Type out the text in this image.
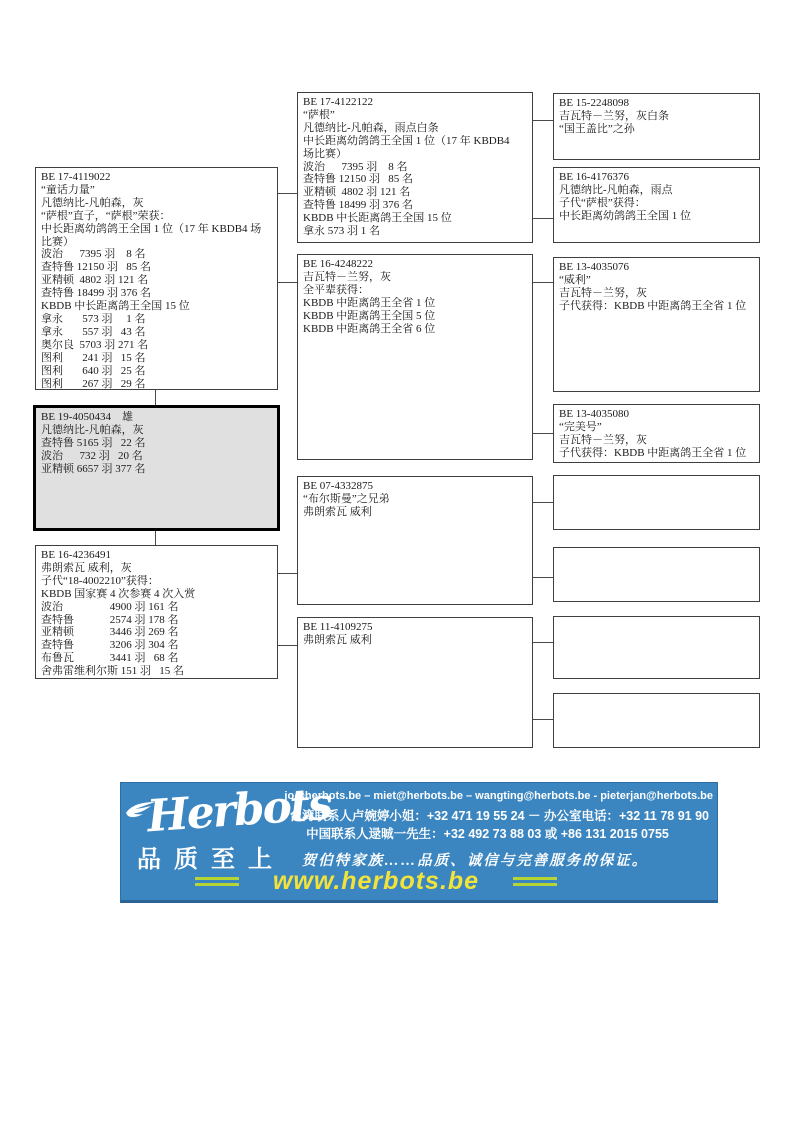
BE 17-4119022
“童话力量”
凡德纳比-凡帕森，灰
“萨根”直子，“萨根”荣获：
中长距离幼鸽鸽王全国 1 位（17 年 KBDB4 场
比赛）
波治      7395 羽    8 名
查特鲁 12150 羽   85 名
亚精顿  4802 羽 121 名
查特鲁 18499 羽 376 名
KBDB 中长距离鸽王全国 15 位
拿永       573 羽     1 名
拿永       557 羽   43 名
奥尔良  5703 羽 271 名
图利       241 羽   15 名
图利       640 羽   25 名
图利       267 羽   29 名
BE 19-4050434    雄
凡德纳比-凡帕森，灰
查特鲁 5165 羽   22 名
波治      732 羽   20 名
亚精顿 6657 羽 377 名
BE 16-4236491
弗朗索瓦 威利，灰
子代“18-4002210”获得：
KBDB 国家赛 4 次参赛 4 次入赏
波治                 4900 羽 161 名
查特鲁             2574 羽 178 名
亚精顿             3446 羽 269 名
查特鲁             3206 羽 304 名
布鲁瓦             3441 羽   68 名
舍弗雷维利尔斯 151 羽   15 名
BE 17-4122122
“萨根”
凡德纳比-凡帕森，雨点白条
中长距离幼鸽鸽王全国 1 位（17 年 KBDB4
场比赛）
波治      7395 羽    8 名
查特鲁 12150 羽   85 名
亚精顿  4802 羽 121 名
查特鲁 18499 羽 376 名
KBDB 中长距离鸽王全国 15 位
拿永 573 羽 1 名
BE 16-4248222
吉瓦特－兰努，灰
全平辈获得：
KBDB 中距离鸽王全省 1 位
KBDB 中距离鸽王全国 5 位
KBDB 中距离鸽王全省 6 位
BE 07-4332875
“布尔斯曼”之兄弟
弗朗索瓦 威利
BE 11-4109275
弗朗索瓦 威利
BE 15-2248098
吉瓦特－兰努，灰白条
“国王盖比”之孙
BE 16-4176376
凡德纳比-凡帕森，雨点
子代“萨根”获得：
中长距离幼鸽鸽王全国 1 位
BE 13-4035076
“威利”
吉瓦特－兰努，灰
子代获得：KBDB 中距离鸽王全省 1 位
BE 13-4035080
“完美号”
吉瓦特－兰努，灰
子代获得：KBDB 中距离鸽王全省 1 位
Herbots
品质至上
jo@herbots.be – miet@herbots.be – wangting@herbots.be - pieterjan@herbots.be
台湾联系人卢婉婷小姐：+32 471 19 55 24 － 办公室电话：+32 11 78 91 90
中国联系人逯晠一先生：+32 492 73 88 03 或 +86 131 2015 0755
贺伯特家族……品质、诚信与完善服务的保证。
www.herbots.be
